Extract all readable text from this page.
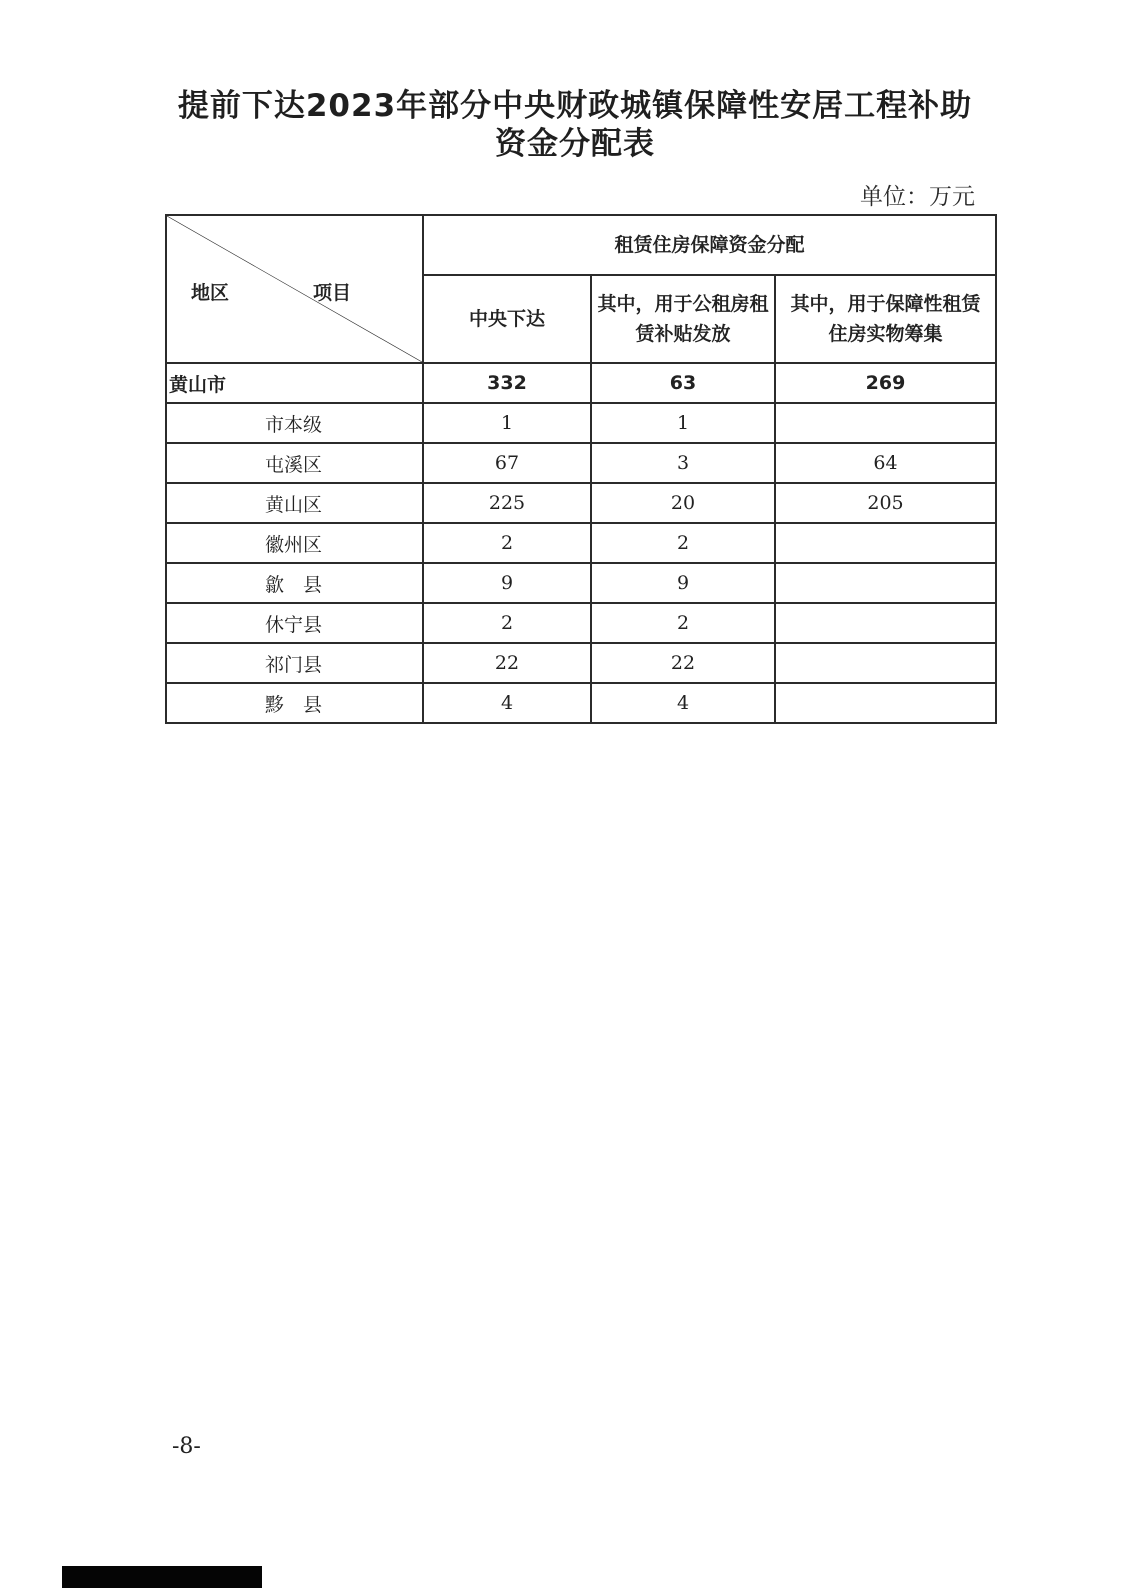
提前下达2023年部分中央财政城镇保障性安居工程补助
资金分配表
单位：万元
地区 项目	租赁住房保障资金分配		
	中央下达	其中，用于公租房租赁补贴发放	其中，用于保障性租赁住房实物筹集
黄山市	332	63	269
市本级	1	1	
屯溪区	67	3	64
黄山区	225	20	205
徽州区	2	2	
歙　县	9	9	
休宁县	2	2	
祁门县	22	22	
黟　县	4	4	
-8-
